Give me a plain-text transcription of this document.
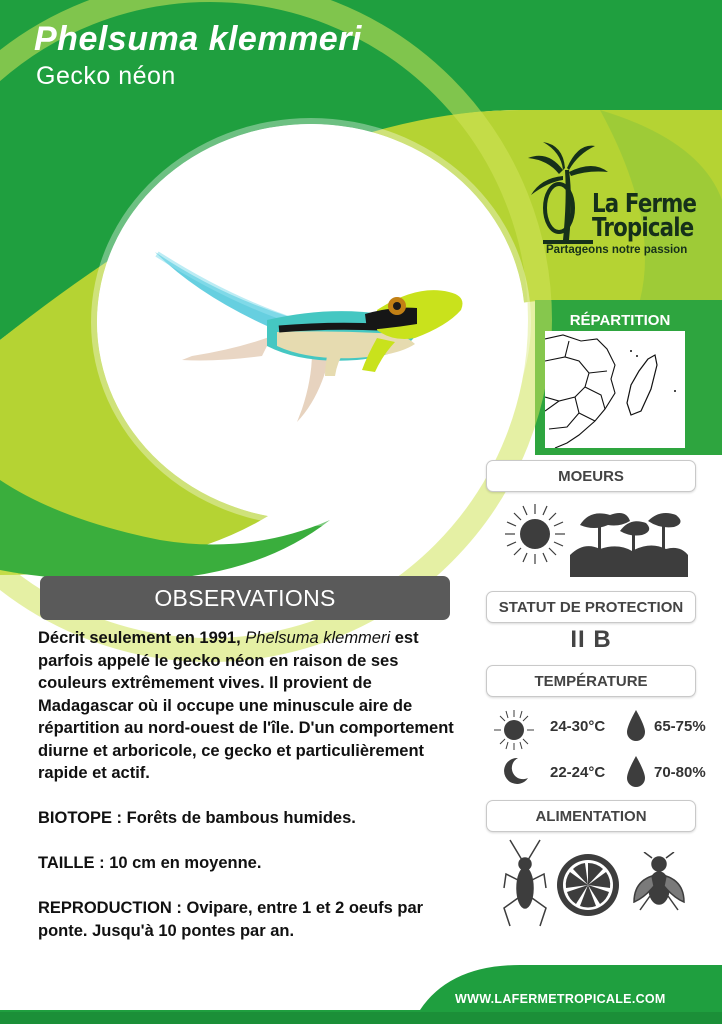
Phelsuma klemmeri
Gecko néon
La Ferme
Tropicale
Partageons notre passion
RÉPARTITION
MOEURS
STATUT DE PROTECTION
II B
TEMPÉRATURE
24-30°C	65-75%
22-24°C	70-80%
ALIMENTATION
OBSERVATIONS

Décrit seulement en 1991, Phelsuma klemmeri est parfois appelé le gecko néon en raison de ses couleurs extrêmement vives. Il provient de Madagascar où il occupe une minuscule aire de répartition au nord-ouest de l'île. D'un comportement diurne et arboricole, ce gecko et particulièrement rapide et actif.

BIOTOPE : Forêts de bambous humides.

TAILLE : 10 cm en moyenne.

REPRODUCTION : Ovipare, entre 1 et 2 oeufs par ponte. Jusqu'à 10 pontes par an.

WWW.LAFERMETROPICALE.COM
